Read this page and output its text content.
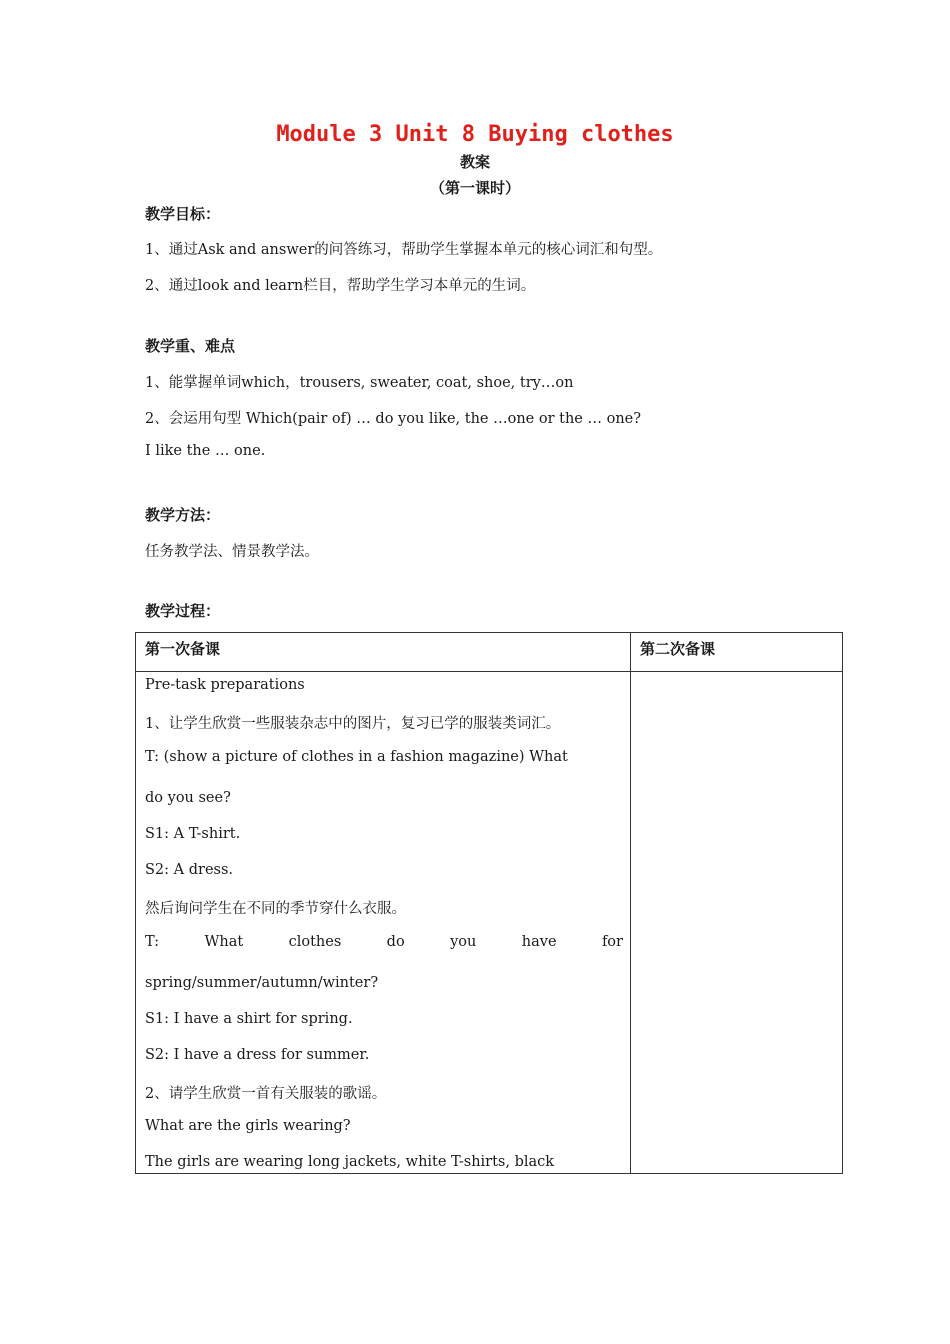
Module 3 Unit 8 Buying clothes
教案
（第一课时）
教学目标：
1、通过Ask and answer的问答练习，帮助学生掌握本单元的核心词汇和句型。
2、通过look and learn栏目，帮助学生学习本单元的生词。
教学重、难点
1、能掌握单词which，trousers, sweater, coat, shoe, try…on
2、会运用句型 Which(pair of) … do you like, the …one or the … one?
I like the … one.
教学方法：
任务教学法、情景教学法。
教学过程：
第一次备课	第二次备课
Pre-task preparations
1、让学生欣赏一些服装杂志中的图片，复习已学的服装类词汇。
T: (show a picture of clothes in a fashion magazine) What
do you see?
S1: A T-shirt.
S2: A dress.
然后询问学生在不同的季节穿什么衣服。
T:	What	clothes	do	you	have	for
spring/summer/autumn/winter?
S1: I have a shirt for spring.
S2: I have a dress for summer.
2、请学生欣赏一首有关服装的歌谣。
What are the girls wearing?
The girls are wearing long jackets, white T-shirts, black
